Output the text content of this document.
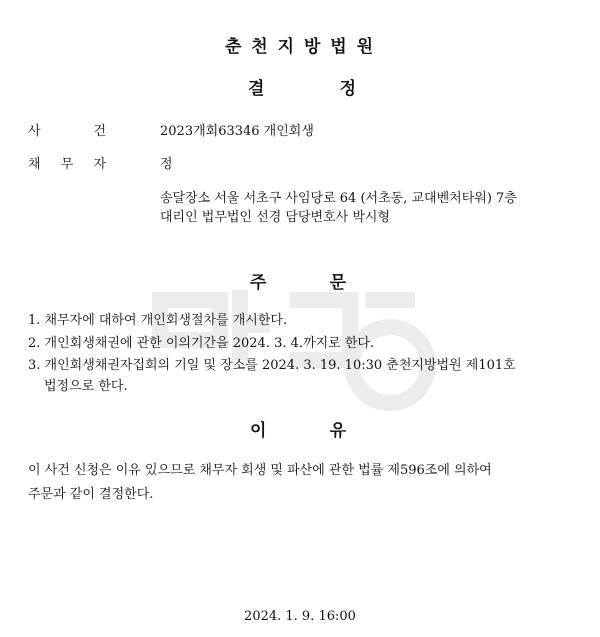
춘 천 지 방 법 원
결	정
사	건	2023개회63346 개인회생
채 무 자	정
송달장소 서울 서초구 사임당로 64 (서초동, 교대벤처타워) 7층
대리인 법무법인 선경 담당변호사 박시형
주	문
1. 채무자에 대하여 개인회생절차를 개시한다.
2. 개인회생채권에 관한 이의기간을 2024. 3. 4.까지로 한다.
3. 개인회생채권자집회의 기일 및 장소를 2024. 3. 19. 10:30 춘천지방법원 제101호
법정으로 한다.
이	유
이 사건 신청은 이유 있으므로 채무자 회생 및 파산에 관한 법률 제596조에 의하여
주문과 같이 결정한다.
2024. 1. 9. 16:00
